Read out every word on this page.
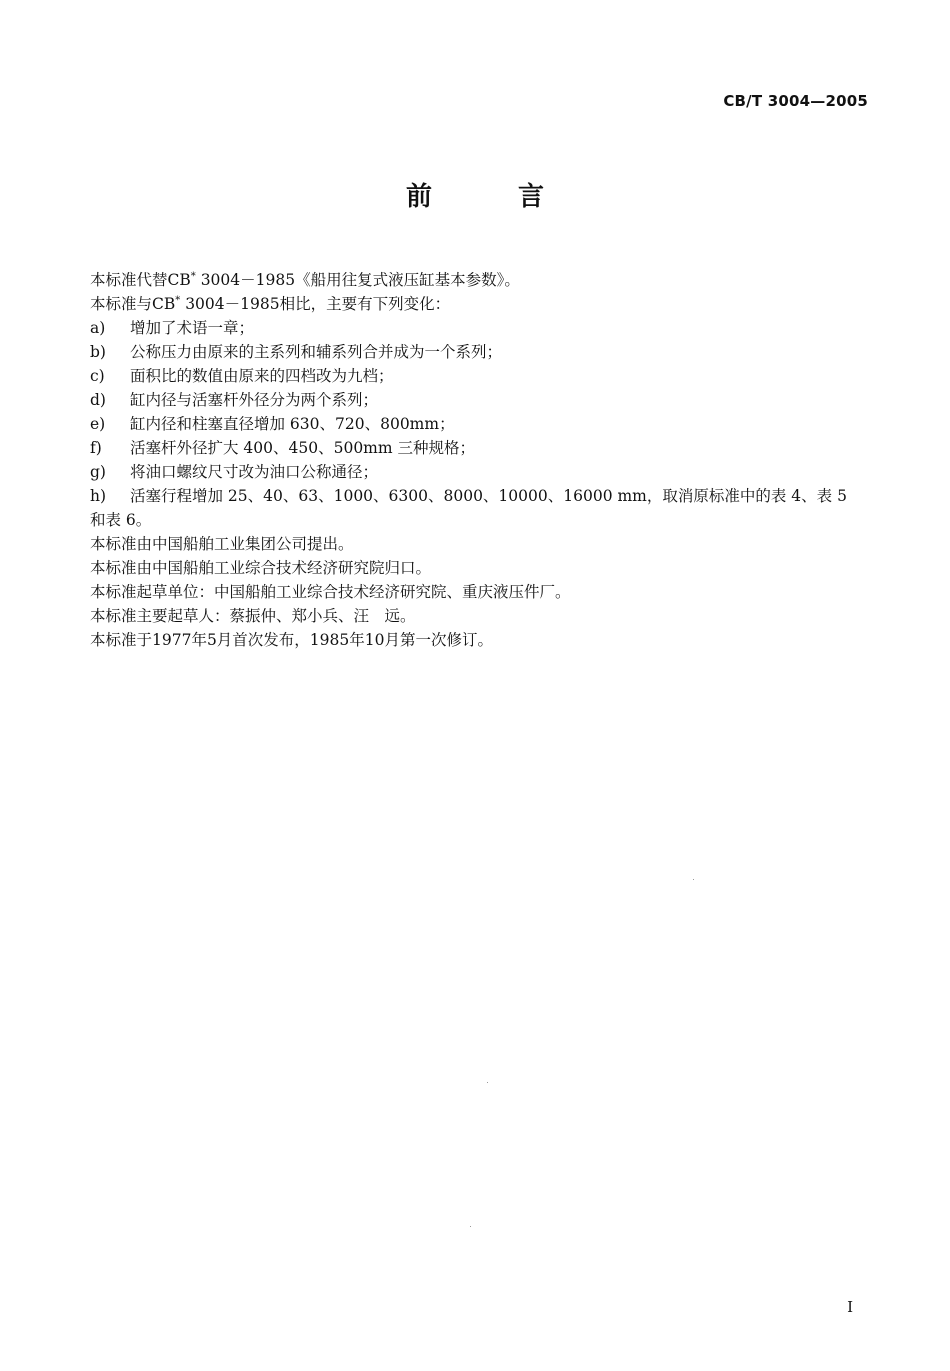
CB/T 3004—2005
前　言

本标准代替CB* 3004－1985《船用往复式液压缸基本参数》。

本标准与CB* 3004－1985相比，主要有下列变化：

a)	增加了术语一章；
b)	公称压力由原来的主系列和辅系列合并成为一个系列；
c)	面积比的数值由原来的四档改为九档；
d)	缸内径与活塞杆外径分为两个系列；
e)	缸内径和柱塞直径增加 630、720、800mm；
f)	活塞杆外径扩大 400、450、500mm 三种规格；
g)	将油口螺纹尺寸改为油口公称通径；
h)	活塞行程增加 25、40、63、1000、6300、8000、10000、16000 mm，取消原标准中的表 4、表 5
和表 6。

本标准由中国船舶工业集团公司提出。

本标准由中国船舶工业综合技术经济研究院归口。

本标准起草单位：中国船舶工业综合技术经济研究院、重庆液压件厂。

本标准主要起草人：蔡振仲、郑小兵、汪　远。

本标准于1977年5月首次发布，1985年10月第一次修订。

I
